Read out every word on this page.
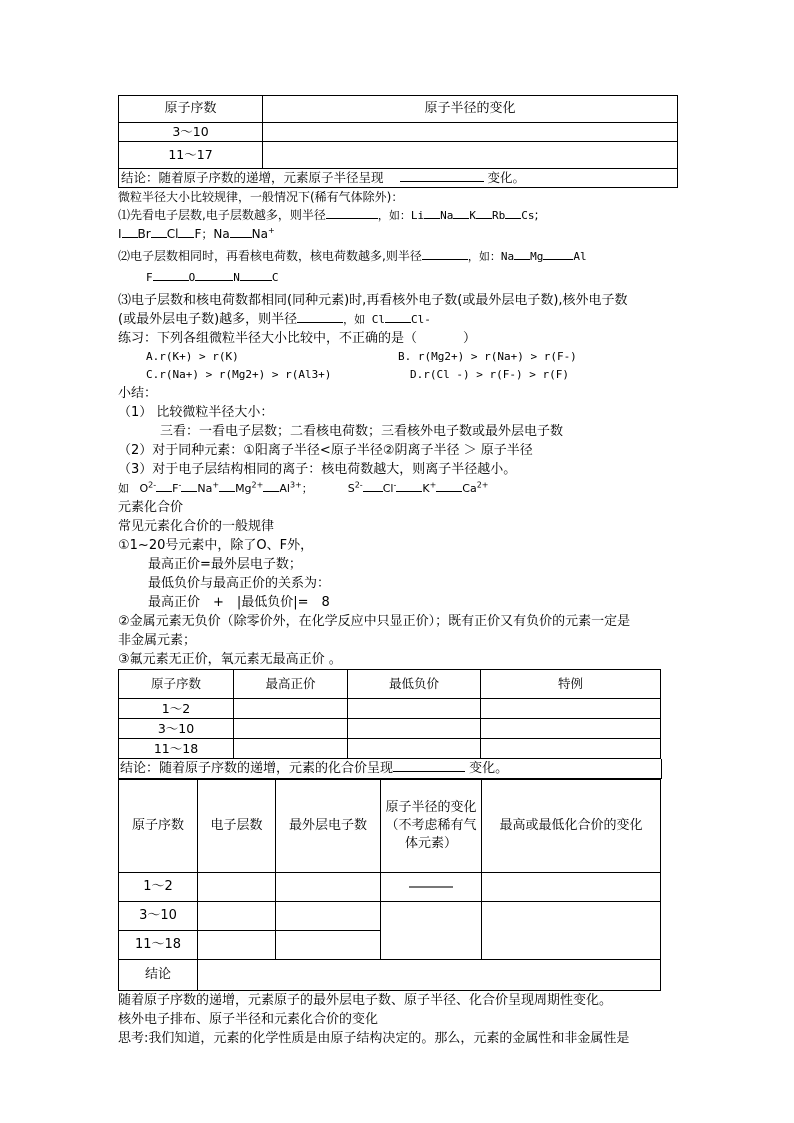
原子序数	原子半径的变化
3～10	
11～17	
结论：随着原子序数的递增，元素原子半径呈现 变化。	
微粒半径大小比较规律，一般情况下(稀有气体除外)：
⑴先看电子层数,电子层数越多，则半径	，如：Li Na K Rb Cs;
I Br Cl F；Na Na+
⑵电子层数相同时，再看核电荷数，核电荷数越多,则半径	，如：Na Mg	Al
F	O	N	C
⑶电子层数和核电荷数都相同(同种元素)时,再看核外电子数(或最外层电子数),核外电子数
(或最外层电子数)越多，则半径	，如 Cl Cl-
练习：下列各组微粒半径大小比较中，不正确的是（	）
A.r(K+) > r(K)	B. r(Mg2+) > r(Na+) > r(F-)
C.r(Na+) > r(Mg2+) > r(Al3+)	D.r(Cl -) > r(F-) > r(F)
小结：
（1） 比较微粒半径大小：
三看：一看电子层数；二看核电荷数；三看核外电子数或最外层电子数
（2）对于同种元素：①阳离子半径<原子半径②阴离子半径 ＞ 原子半径
（3）对于电子层结构相同的离子：核电荷数越大，则离子半径越小。
如 $O^{2-}$ F- Na+ $Mg^{2+}$ $Al^{3+}$；	$S^{2-}$ Cl- K+ $Ca^{2+}$
元素化合价
常见元素化合价的一般规律
①1~20号元素中，除了O、F外，
最高正价=最外层电子数；
最低负价与最高正价的关系为：
最高正价　+　|最低负价|=　8
②金属元素无负价（除零价外，在化学反应中只显正价）；既有正价又有负价的元素一定是
非金属元素；
③氟元素无正价，氧元素无最高正价 。
原子序数	最高正价	最低负价	特例
1～2			
3～10			
11～18			
结论：随着原子序数的递增，元素的化合价呈现	变化。
原子序数	电子层数	最外层电子数	原子半径的变化（不考虑稀有气体元素）	最高或最低化合价的变化
1～2				
3～10				
11～18				
结论				
随着原子序数的递增，元素原子的最外层电子数、原子半径、化合价呈现周期性变化。
核外电子排布、原子半径和元素化合价的变化
思考:我们知道，元素的化学性质是由原子结构决定的。那么，元素的金属性和非金属性是
